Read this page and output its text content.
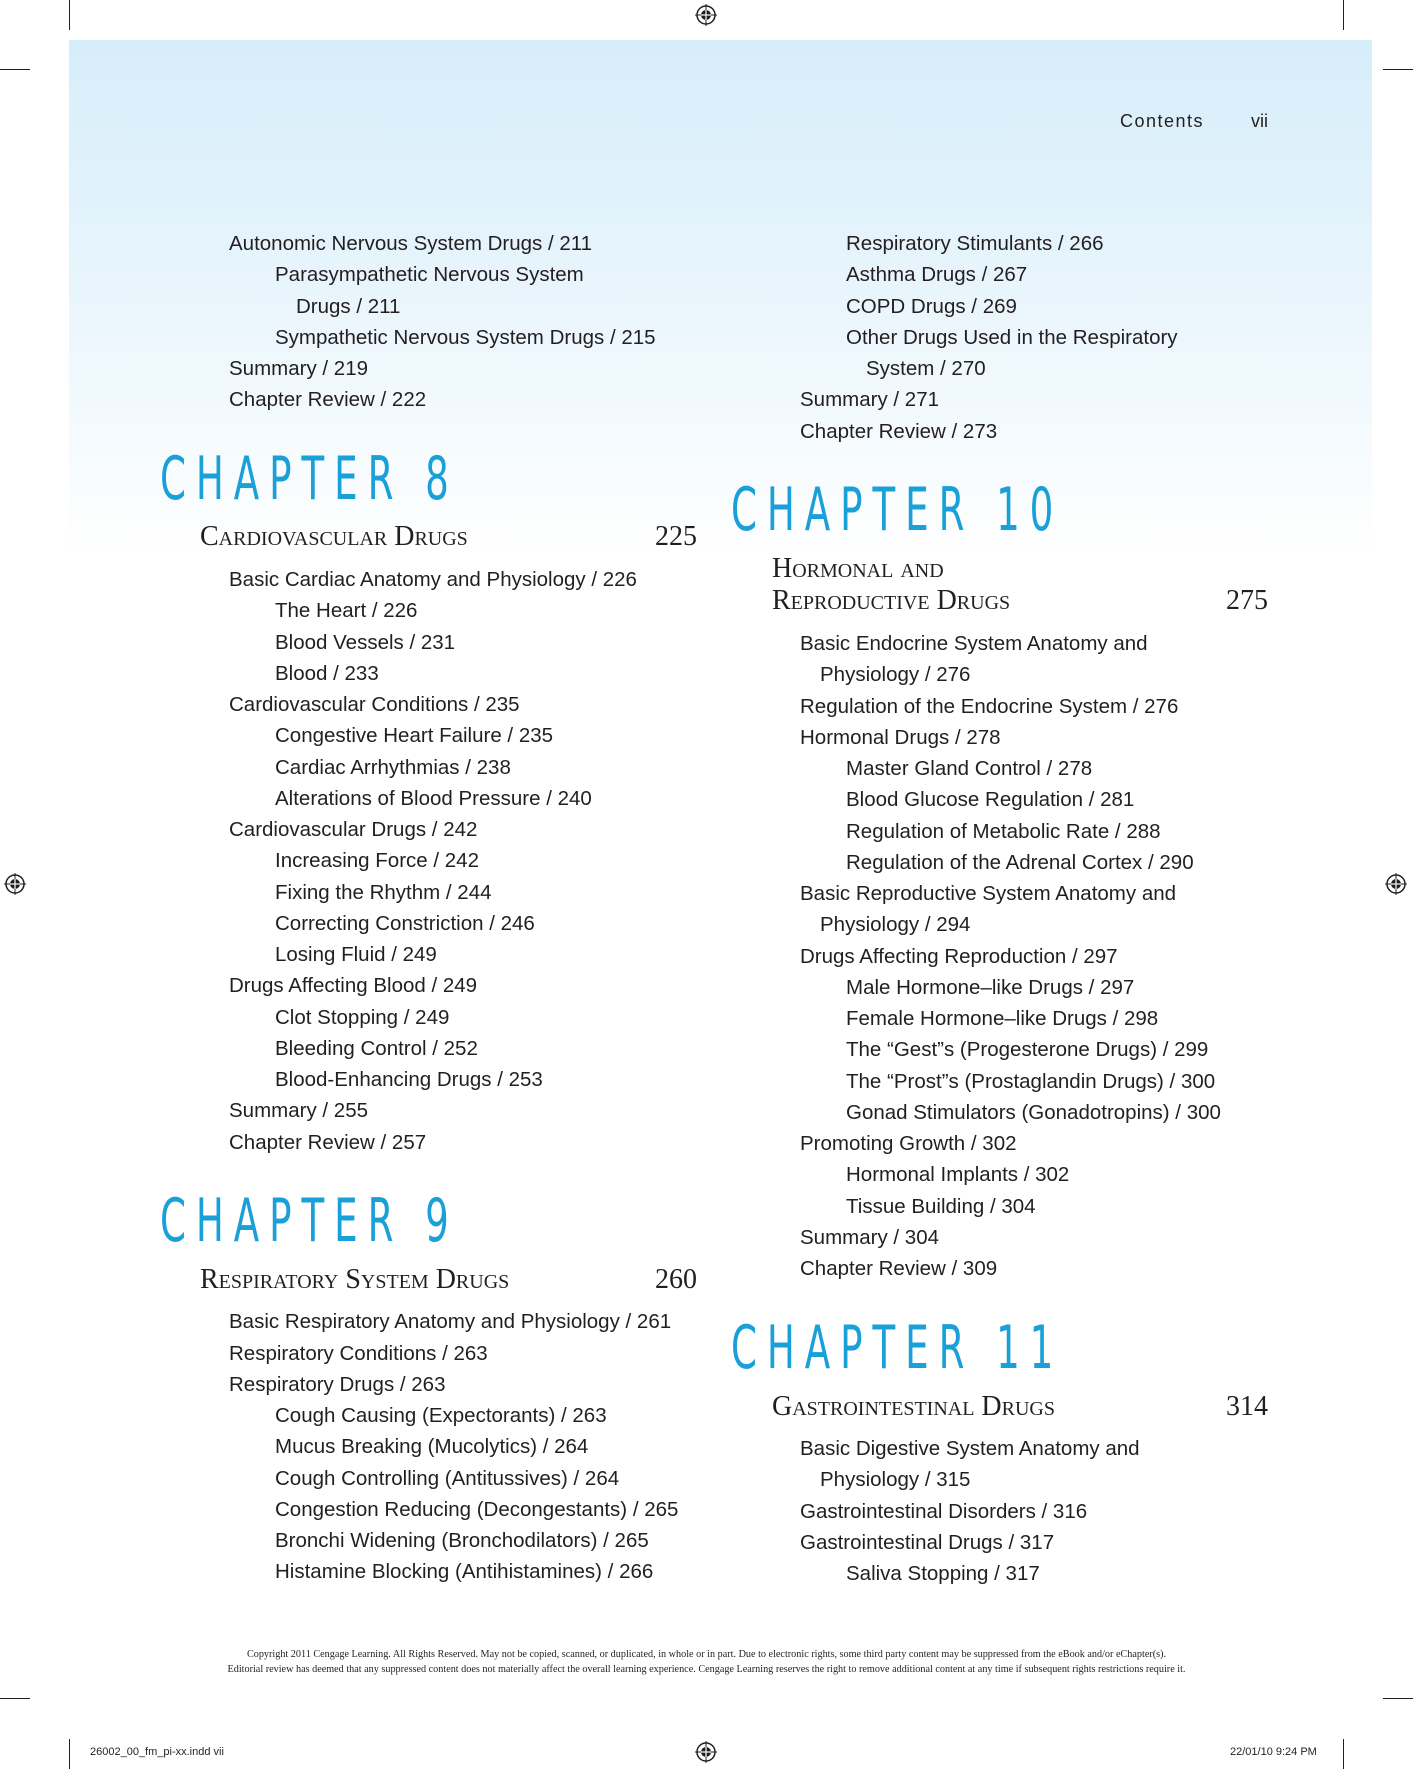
Contents	vii
Autonomic Nervous System Drugs / 211
Parasympathetic Nervous System
Drugs / 211
Sympathetic Nervous System Drugs / 215
Summary / 219
Chapter Review / 222
CHAPTER 8
Cardiovascular Drugs	225
Basic Cardiac Anatomy and Physiology / 226
The Heart / 226
Blood Vessels / 231
Blood / 233
Cardiovascular Conditions / 235
Congestive Heart Failure / 235
Cardiac Arrhythmias / 238
Alterations of Blood Pressure / 240
Cardiovascular Drugs / 242
Increasing Force / 242
Fixing the Rhythm / 244
Correcting Constriction / 246
Losing Fluid / 249
Drugs Affecting Blood / 249
Clot Stopping / 249
Bleeding Control / 252
Blood-Enhancing Drugs / 253
Summary / 255
Chapter Review / 257
CHAPTER 9
Respiratory System Drugs	260
Basic Respiratory Anatomy and Physiology / 261
Respiratory Conditions / 263
Respiratory Drugs / 263
Cough Causing (Expectorants) / 263
Mucus Breaking (Mucolytics) / 264
Cough Controlling (Antitussives) / 264
Congestion Reducing (Decongestants) / 265
Bronchi Widening (Bronchodilators) / 265
Histamine Blocking (Antihistamines) / 266
Respiratory Stimulants / 266
Asthma Drugs / 267
COPD Drugs / 269
Other Drugs Used in the Respiratory
System / 270
Summary / 271
Chapter Review / 273
CHAPTER 10
Hormonal and
Reproductive Drugs	275
Basic Endocrine System Anatomy and
Physiology / 276
Regulation of the Endocrine System / 276
Hormonal Drugs / 278
Master Gland Control / 278
Blood Glucose Regulation / 281
Regulation of Metabolic Rate / 288
Regulation of the Adrenal Cortex / 290
Basic Reproductive System Anatomy and
Physiology / 294
Drugs Affecting Reproduction / 297
Male Hormone–like Drugs / 297
Female Hormone–like Drugs / 298
The “Gest”s (Progesterone Drugs) / 299
The “Prost”s (Prostaglandin Drugs) / 300
Gonad Stimulators (Gonadotropins) / 300
Promoting Growth / 302
Hormonal Implants / 302
Tissue Building / 304
Summary / 304
Chapter Review / 309
CHAPTER 11
Gastrointestinal Drugs	314
Basic Digestive System Anatomy and
Physiology / 315
Gastrointestinal Disorders / 316
Gastrointestinal Drugs / 317
Saliva Stopping / 317
Copyright 2011 Cengage Learning. All Rights Reserved. May not be copied, scanned, or duplicated, in whole or in part. Due to electronic rights, some third party content may be suppressed from the eBook and/or eChapter(s).
Editorial review has deemed that any suppressed content does not materially affect the overall learning experience. Cengage Learning reserves the right to remove additional content at any time if subsequent rights restrictions require it.
26002_00_fm_pi-xx.indd vii	22/01/10 9:24 PM
